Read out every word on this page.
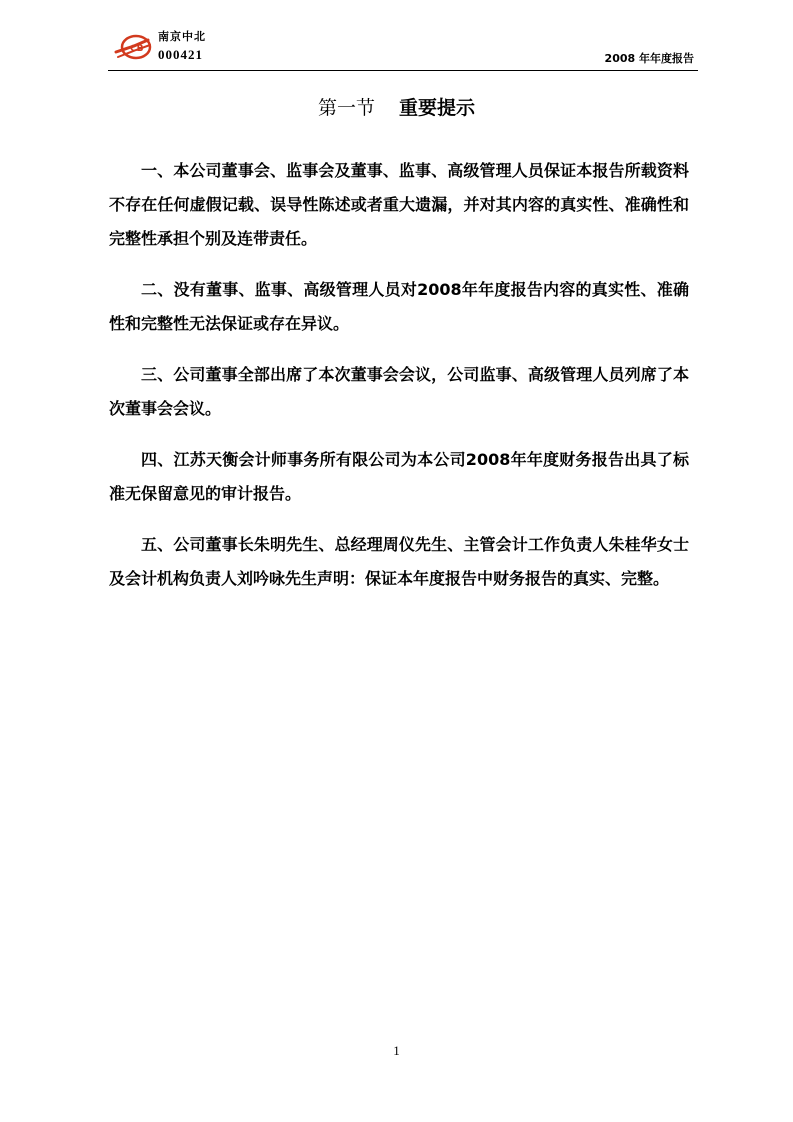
CB
南京中北
000421	2008 年年度报告
第一节 重要提示

一、本公司董事会、监事会及董事、监事、高级管理人员保证本报告所载资料不存在任何虚假记载、误导性陈述或者重大遗漏，并对其内容的真实性、准确性和完整性承担个别及连带责任。

二、没有董事、监事、高级管理人员对2008年年度报告内容的真实性、准确性和完整性无法保证或存在异议。

三、公司董事全部出席了本次董事会会议，公司监事、高级管理人员列席了本次董事会会议。

四、江苏天衡会计师事务所有限公司为本公司2008年年度财务报告出具了标准无保留意见的审计报告。

五、公司董事长朱明先生、总经理周仪先生、主管会计工作负责人朱桂华女士及会计机构负责人刘吟咏先生声明：保证本年度报告中财务报告的真实、完整。

1
